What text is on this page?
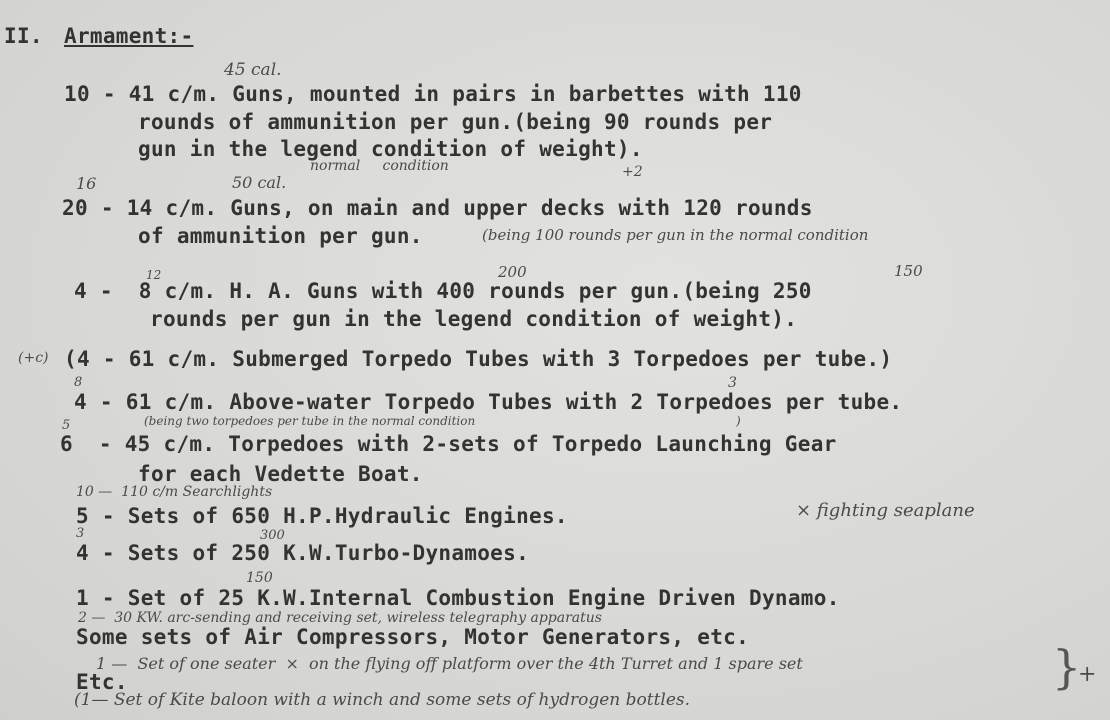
II. Armament:-
10 - 41 c/m. Guns, mounted in pairs in barbettes with 110
rounds of ammunition per gun.(being 90 rounds per
gun in the legend condition of weight).
20 - 14 c/m. Guns, on main and upper decks with 120 rounds
of ammunition per gun.
4 -  8 c/m. H. A. Guns with 400 rounds per gun.(being 250
rounds per gun in the legend condition of weight).
(4 - 61 c/m. Submerged Torpedo Tubes with 3 Torpedoes per tube.)
4 - 61 c/m. Above-water Torpedo Tubes with 2 Torpedoes per tube.
6  - 45 c/m. Torpedoes with 2-sets of Torpedo Launching Gear
for each Vedette Boat.
5 - Sets of 650 H.P.Hydraulic Engines.
4 - Sets of 250 K.W.Turbo-Dynamoes.
1 - Set of 25 K.W.Internal Combustion Engine Driven Dynamo.
Some sets of Air Compressors, Motor Generators, etc.
Etc.
45 cal.
normal     condition	+2
16	50 cal.
(being 100 rounds per gun in the normal condition
12	200	150
(+c)
8	3
(being two torpedoes per tube in the normal condition	)
5
10 —  110 c/m Searchlights
× fighting seaplane
3	300
150
2 —  30 KW. arc-sending and receiving set, wireless telegraphy apparatus
1 —  Set of one seater  ×  on the flying off platform over the 4th Turret and 1 spare set
(1— Set of Kite baloon with a winch and some sets of hydrogen bottles.
}
+
